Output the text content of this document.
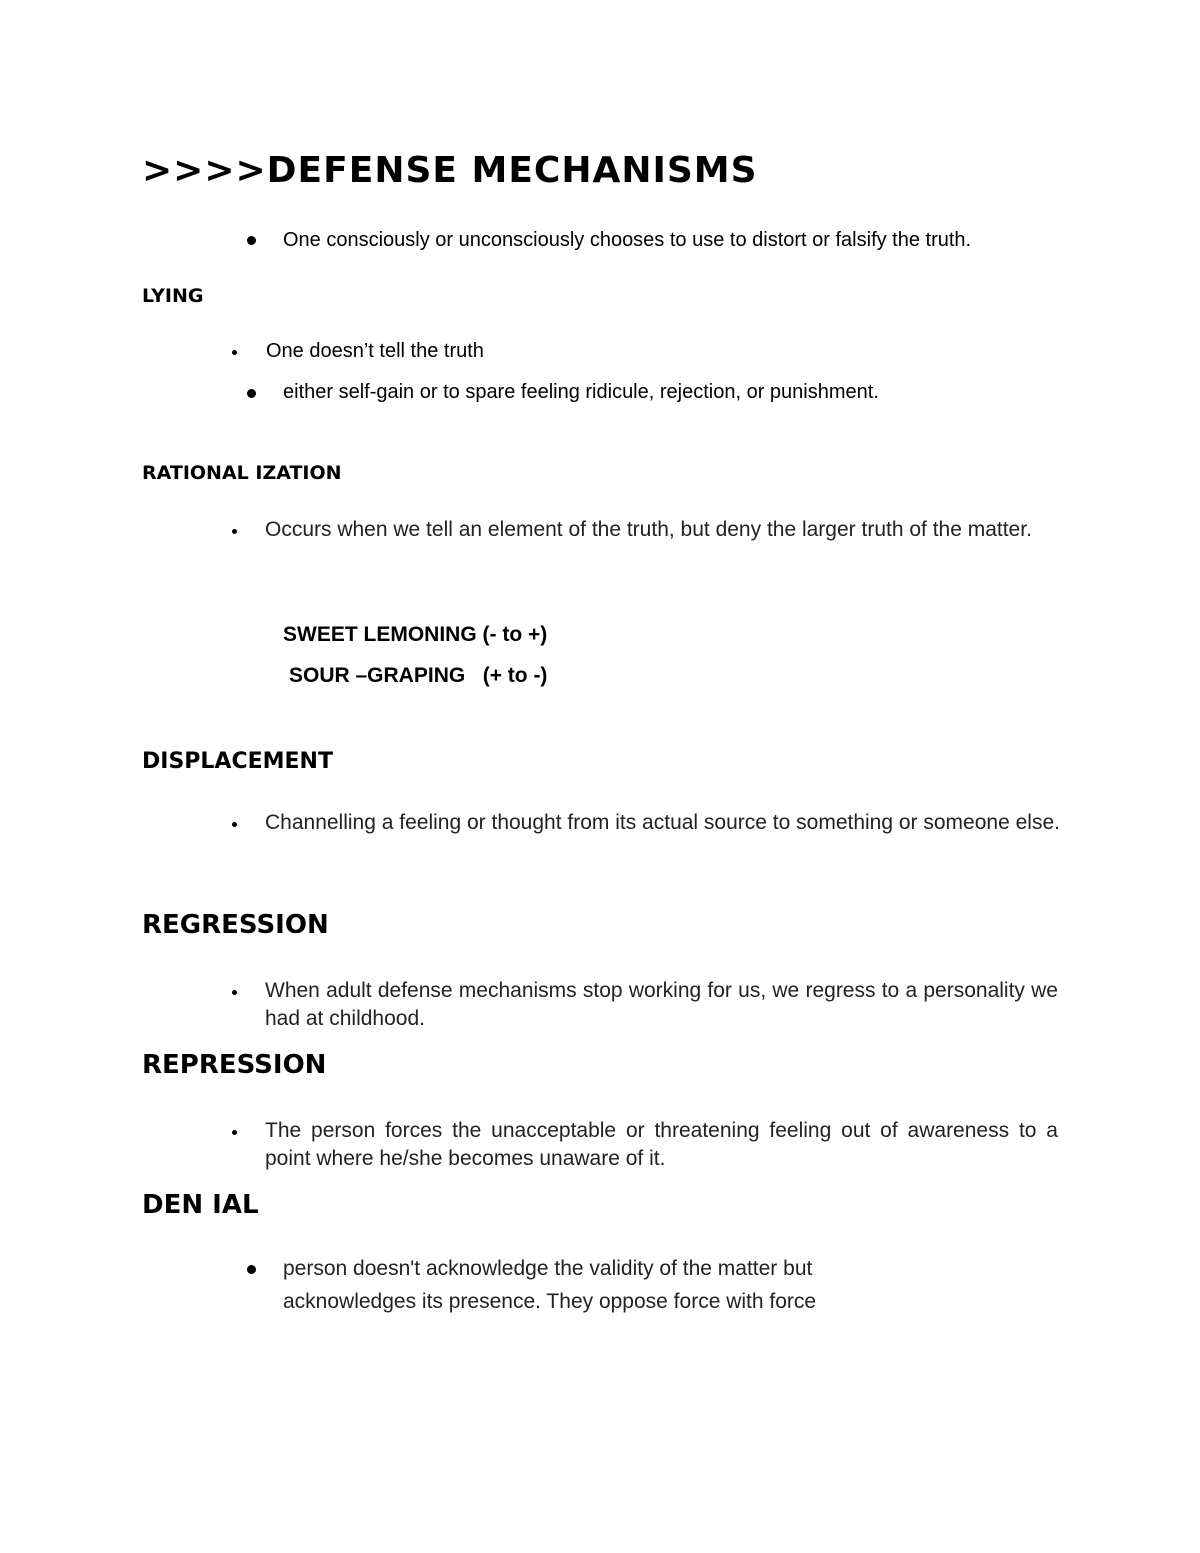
>>>>DEFENSE MECHANISMS

One consciously or unconsciously chooses to use to distort or falsify the truth.

LYING

One doesn’t tell the truth

either self-gain or to spare feeling ridicule, rejection, or punishment.

RATIONAL IZATION

Occurs when we tell an element of the truth, but deny the larger truth of the matter.

SWEET LEMONING (- to +)

SOUR –GRAPING   (+ to -)

DISPLACEMENT

Channelling a feeling or thought from its actual source to something or someone else.

REGRESSION

When adult defense mechanisms stop working for us, we regress to a personality we had at childhood.

REPRESSION

The person forces the unacceptable or threatening feeling out of awareness to a point where he/she becomes unaware of it.

DEN IAL

person doesn't acknowledge the validity of the matter but

acknowledges its presence. They oppose force with force
